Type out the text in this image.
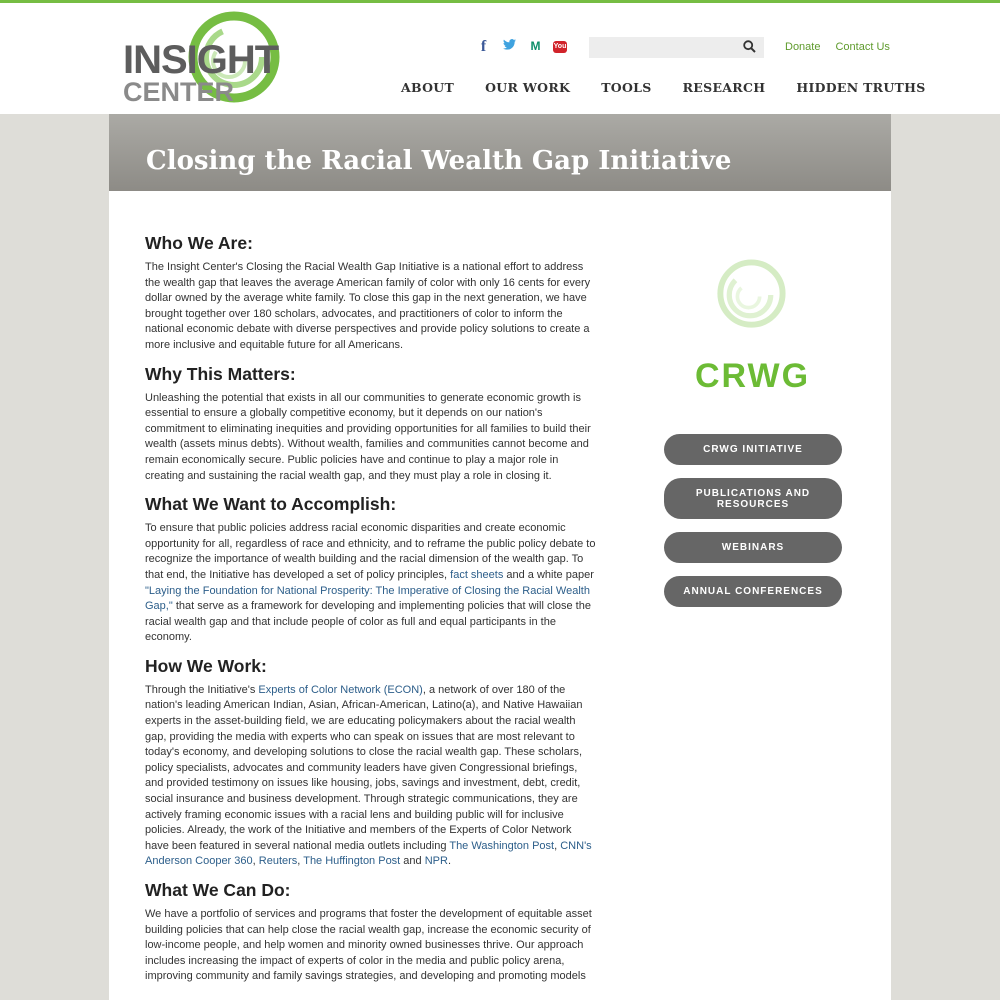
INSIGHT
CENTER
f	M	You	Donate Contact Us
ABOUT OUR WORK TOOLS RESEARCH HIDDEN TRUTHS
Closing the Racial Wealth Gap Initiative
Who We Are:

The Insight Center's Closing the Racial Wealth Gap Initiative is a national effort to address the wealth gap that leaves the average American family of color with only 16 cents for every dollar owned by the average white family. To close this gap in the next generation, we have brought together over 180 scholars, advocates, and practitioners of color to inform the national economic debate with diverse perspectives and provide policy solutions to create a more inclusive and equitable future for all Americans.

Why This Matters:

Unleashing the potential that exists in all our communities to generate economic growth is essential to ensure a globally competitive economy, but it depends on our nation's commitment to eliminating inequities and providing opportunities for all families to build their wealth (assets minus debts). Without wealth, families and communities cannot become and remain economically secure. Public policies have and continue to play a major role in creating and sustaining the racial wealth gap, and they must play a role in closing it.

What We Want to Accomplish:

To ensure that public policies address racial economic disparities and create economic opportunity for all, regardless of race and ethnicity, and to reframe the public policy debate to recognize the importance of wealth building and the racial dimension of the wealth gap. To that end, the Initiative has developed a set of policy principles, fact sheets and a white paper "Laying the Foundation for National Prosperity: The Imperative of Closing the Racial Wealth Gap," that serve as a framework for developing and implementing policies that will close the racial wealth gap and that include people of color as full and equal participants in the economy.

How We Work:

Through the Initiative's Experts of Color Network (ECON), a network of over 180 of the nation's leading American Indian, Asian, African-American, Latino(a), and Native Hawaiian experts in the asset-building field, we are educating policymakers about the racial wealth gap, providing the media with experts who can speak on issues that are most relevant to today's economy, and developing solutions to close the racial wealth gap. These scholars, policy specialists, advocates and community leaders have given Congressional briefings, and provided testimony on issues like housing, jobs, savings and investment, debt, credit, social insurance and business development. Through strategic communications, they are actively framing economic issues with a racial lens and building public will for inclusive policies. Already, the work of the Initiative and members of the Experts of Color Network have been featured in several national media outlets including The Washington Post, CNN's Anderson Cooper 360, Reuters, The Huffington Post and NPR.

What We Can Do:

We have a portfolio of services and programs that foster the development of equitable asset building policies that can help close the racial wealth gap, increase the economic security of low-income people, and help women and minority owned businesses thrive. Our approach includes increasing the impact of experts of color in the media and public policy arena, improving community and family savings strategies, and developing and promoting models

CRWG
CRWG INITIATIVE
PUBLICATIONS AND RESOURCES
WEBINARS
ANNUAL CONFERENCES
